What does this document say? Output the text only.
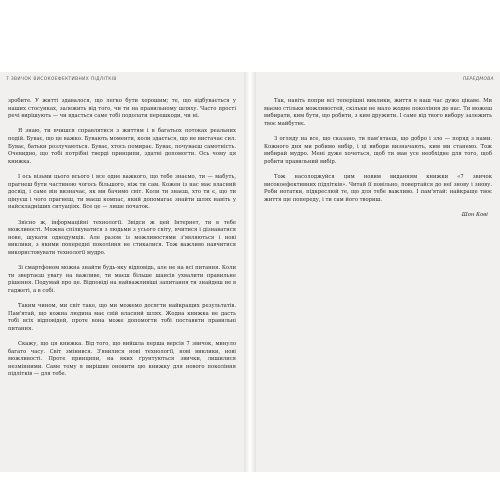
7 ЗВИЧОК ВИСОКОЕФЕКТИВНИХ ПІДЛІТКІВ

зробите. У житті здавалося, що легко бути хорошим; те, що відбувається у наших стосунках, залежить від того, чи ти на правильному шляху. Часто прості речі вирішують — чи вдасться саме тобі подолати перешкоди, чи ні.

Я знаю, ти вчишся справлятися з життям і в багатьох потоках реальних подій. Буває, що це важко. Бувають моменти, коли здається, що не вистачає сил. Буває, батьки розлучаються. Буває, хтось помирає. Буває, почуваєш самотність. Очевидно, що тобі потрібні тверді принципи, здатні допомогти. Ось чому ця книжка.

І ось візьми цього всього і все одне важкого, що тебе знаємо, ти — мабуть, прагнеш бути частиною чогось більшого, ніж ти сам. Кожен із нас має власний досвід, і саме він визначає, як ми бачимо світ. Коли ти знаєш, хто ти є, що ти цінуєш і чого прагнеш, ти маєш компас, який допомагає знайти шлях навіть у найскладніших ситуаціях. Все це — лише початок.

Звісно ж, інформаційні технології. Звідси ж цей Інтернет, ти в тебе можливості. Можна спілкуватися з людьми з усього світу, вчитися і дізнаватися нове, шукати однодумців. Але разом із можливостями з'являються і нові виклики, з якими попередні покоління не стикалися. Тож важливо навчитися використовувати технології мудро.

Зі смартфоном можна знайти будь-яку відповідь, але не на всі питання. Коли ти звертаєш увагу на важливе, ти маєш більше шансів ухвалити правильне рішення. Подумай про це. Відповіді на найважливіші запитання ти знайдеш не в гаджеті, а в собі.

Таким чином, ми світ таке, що ми можемо досягти найкращих результатів. Пам'ятай, що кожна людина має свій власний шлях. Жодна книжка не дасть тобі всіх відповідей, проте вона може допомогти тобі поставити правильні питання.

Скажу, що ця книжка. Від того, що вийшла перша версія 7 звичок, минуло багато часу. Світ змінився. З'явилися нові технології, нові виклики, нові можливості. Проте принципи, на яких ґрунтуються звички, лишилися незмінними. Саме тому я вирішив оновити цю книжку для нового покоління підлітків — для тебе.

ПЕРЕДМОВА

Так, навіть попри всі теперішні виклики, життя в наш час дуже цікаве. Ми маємо стільки можливостей, скільки не мало жодне покоління до нас. Ти можеш вибирати, ким бути, що робити, з ким дружити. І саме від твого вибору залежить твоє майбутнє.

З огляду на все, що сказано, ти пам'ятаєш, що добро і зло — поряд з нами. Кожного дня ми робимо вибір, і ці вибори визначають, ким ми станемо. Тож вибирай мудро. Мені дуже хочеться, щоб ти мав усе необхідне для того, щоб робити правильний вибір.

Тож насолоджуйся цим новим виданням книжки «7 звичок високоефективних підлітків». Читай її повільно, повертайся до неї знову і знову. Роби нотатки, підкреслюй те, що для тебе важливо. І пам'ятай: найкраще твоє життя ще попереду, і ти сам його твориш.

Шон Кові
